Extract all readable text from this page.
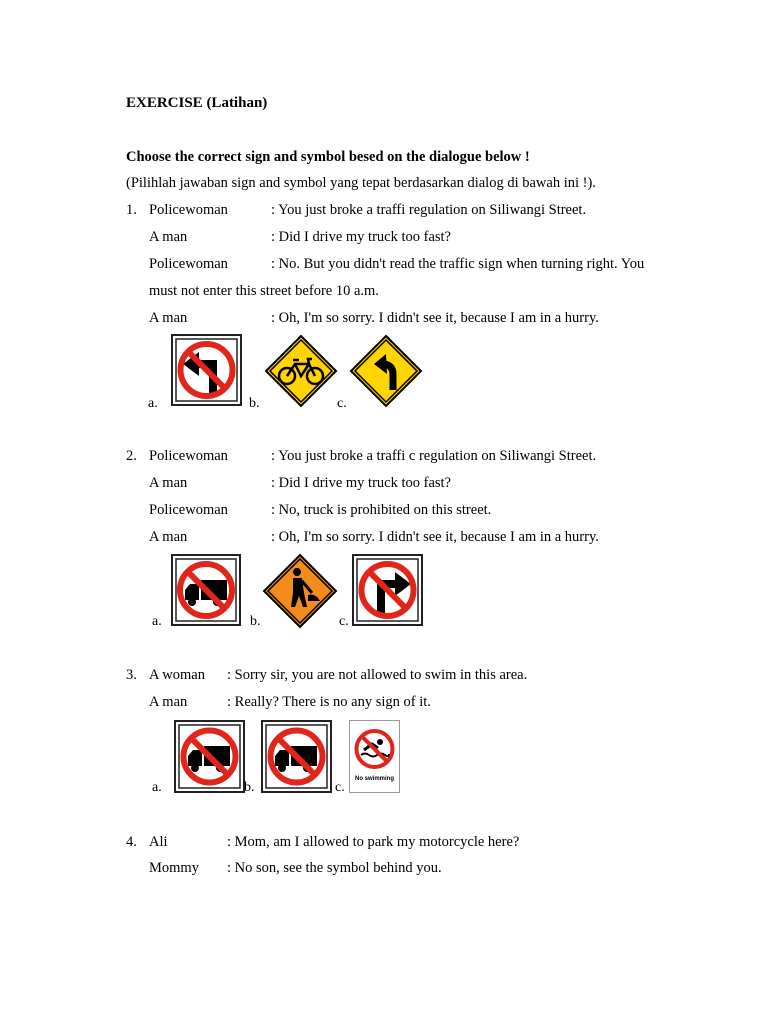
EXERCISE (Latihan)
Choose the correct sign and symbol besed on the dialogue below !
(Pilihlah jawaban sign and symbol yang tepat berdasarkan dialog di bawah ini !).
1. Policewoman	: You just broke a traffi regulation on Siliwangi Street.
A man	: Did I drive my truck too fast?
Policewoman	: No. But you didn't read the traffic sign when turning right. You
must not enter this street before 10 a.m.
A man	: Oh, I'm so sorry. I didn't see it, because I am in a hurry.
a.	b.	c.
2. Policewoman	: You just broke a traffi c regulation on Siliwangi Street.
A man	: Did I drive my truck too fast?
Policewoman	: No, truck is prohibited on this street.
A man	: Oh, I'm so sorry. I didn't see it, because I am in a hurry.
a.	b.	c.
3. A woman : Sorry sir, you are not allowed to swim in this area.
A man	: Really? There is no any sign of it.
a.	b.	c.
No swimming
4. Ali	: Mom, am I allowed to park my motorcycle here?
Mommy : No son, see the symbol behind you.
